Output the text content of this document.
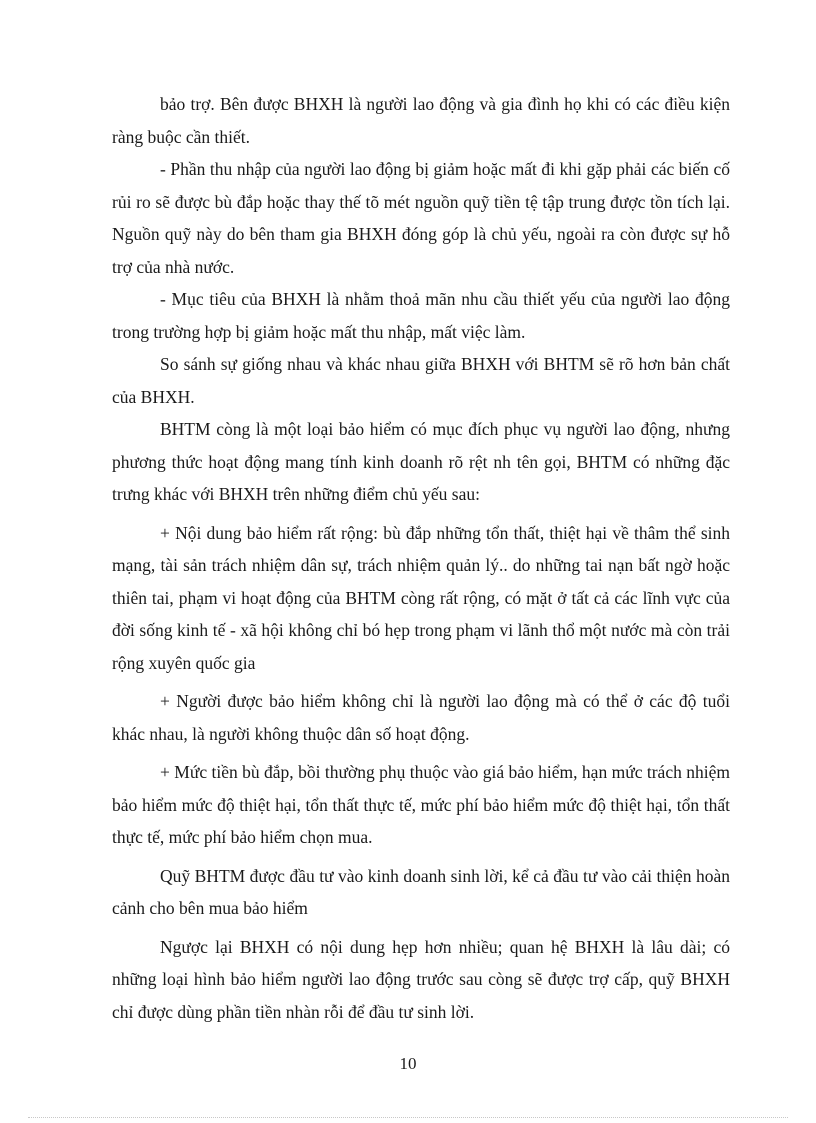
bảo trợ. Bên được BHXH là người lao động và gia đình họ khi có các điều kiện ràng buộc cần thiết.

- Phần thu nhập của người lao động bị giảm hoặc mất đi khi gặp phải các biến cố rủi ro sẽ được bù đắp hoặc thay thế tõ mét nguồn quỹ tiền tệ tập trung được tồn tích lại. Nguồn quỹ này do bên tham gia BHXH đóng góp là chủ yếu, ngoài ra còn được sự hỗ trợ của nhà nước.

- Mục tiêu của BHXH là nhằm thoả mãn nhu cầu thiết yếu của người lao động trong trường hợp bị giảm hoặc mất thu nhập, mất việc làm.

So sánh sự giống nhau và khác nhau giữa BHXH với BHTM sẽ rõ hơn bản chất của BHXH.

BHTM còng là một loại bảo hiểm có mục đích phục vụ người lao động, nhưng phương thức hoạt động mang tính kinh doanh rõ rệt nh tên gọi, BHTM có những đặc trưng khác với BHXH trên những điểm chủ yếu sau:

+ Nội dung bảo hiểm rất rộng: bù đắp những tổn thất, thiệt hại về thâm thể sinh mạng, tài sản trách nhiệm dân sự, trách nhiệm quản lý.. do những tai nạn bất ngờ hoặc thiên tai, phạm vi hoạt động của BHTM còng rất rộng, có mặt ở tất cả các lĩnh vực của đời sống kinh tế - xã hội không chỉ bó hẹp trong phạm vi lãnh thổ một nước mà còn trải rộng xuyên quốc gia

+ Người được bảo hiểm không chỉ là người lao động mà có thể ở các độ tuổi khác nhau, là người không thuộc dân số hoạt động.

+ Mức tiền bù đắp, bồi thường phụ thuộc vào giá bảo hiểm, hạn mức trách nhiệm bảo hiểm mức độ thiệt hại, tổn thất thực tế, mức phí bảo hiểm mức độ thiệt hại, tổn thất thực tế, mức phí bảo hiểm chọn mua.

Quỹ BHTM được đầu tư vào kinh doanh sinh lời, kể cả đầu tư vào cải thiện hoàn cảnh cho bên mua bảo hiểm

Ngược lại BHXH có nội dung hẹp hơn nhiều; quan hệ BHXH là lâu dài; có những loại hình bảo hiểm người lao động trước sau còng sẽ được trợ cấp, quỹ BHXH chỉ được dùng phần tiền nhàn rỗi để đầu tư sinh lời.

10
